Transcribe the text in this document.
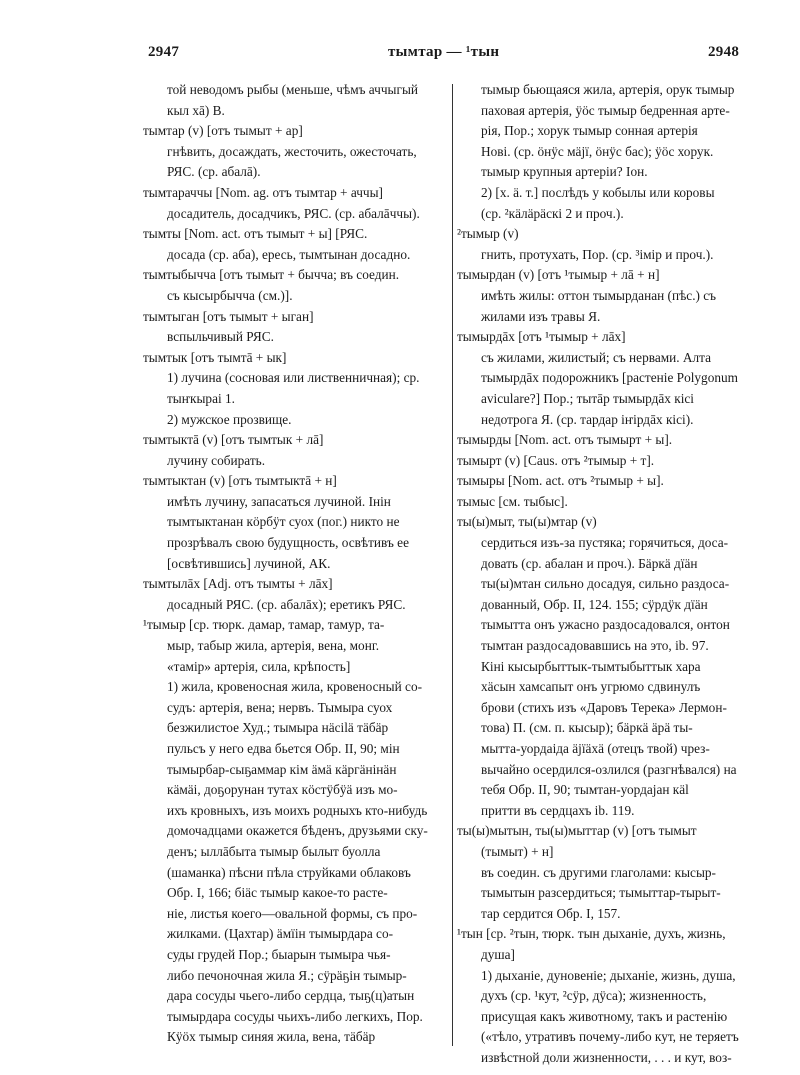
2947	тымтар — ¹тын	2948
той неводомъ рыбы (меньше, чѣмъ аччыгый
кыл хā) В.
тымтар (v) [отъ тымыт + ар]
гнѣвить, досаждать, жесточить, ожесточать,
РЯС. (ср. абалā).
тымтараччы [Nom. ag. отъ тымтар + аччы]
досадитель, досадчикъ, РЯС. (ср. абалāччы).
тымты [Nom. act. отъ тымыт + ы] [РЯС.
досада (ср. аба), ересь, тымтынан досадно.
тымтыбычча [отъ тымыт + бычча; въ соедин.
съ кысырбычча (см.)].
тымтыган [отъ тымыт + ыган]
вспыльчивый РЯС.
тымтык [отъ тымтā + ык]
1) лучина (сосновая или лиственничная); ср.
тыҥкыраі 1.
2) мужское прозвище.
тымтыктā (v) [отъ тымтык + лā]
лучину собирать.
тымтыктан (v) [отъ тымтыктā + н]
имѣть лучину, запасаться лучиной. Інін
тымтыктанан кöрбÿт суох (пог.) никто не
прозрѣвалъ свою будущность, освѣтивъ ее
[освѣтившись] лучиной, АК.
тымтылāх [Adj. отъ тымты + лāх]
досадный РЯС. (ср. абалāх); еретикъ РЯС.
¹тымыр [ср. тюрк. дамар, тамар, тамур, та-
мыр, табыр жила, артерія, вена, монг.
«тамір» артерія, сила, крѣпость]
1) жила, кровеносная жила, кровеносный со-
судъ: артерія, вена; нервъ. Тымыра суох
безжилистое Худ.; тымыра нäсіlä тäбäр
пульсъ у него едва бьется Обр. II, 90; мін
тымырбар-сыҕаммар кім äмä кäргäнінäн
кäмäі, доҕорунан тутах кöстÿбÿä изъ мо-
ихъ кровныхъ, изъ моихъ родныхъ кто-нибудь
домочадцами окажется бѣденъ, друзьями ску-
денъ; ыллāбыта тымыр былыт буолла
(шаманка) пѣсни пѣла струйками облаковъ
Обр. I, 166; біäс тымыр какое-то расте-
ніе, листья коего—овальной формы, съ про-
жилками. (Цахтар) äмїін тымырдара со-
суды грудей Пор.; быарын тымыра чья-
либо печоночная жила Я.; сÿрäҕін тымыр-
дара сосуды чьего-либо сердца, тыҕ(ц)атын
тымырдара сосуды чьихъ-либо легкихъ, Пор.
Кÿöх тымыр синяя жила, вена, тäбäр
тымыр бьющаяся жила, артерія, орук тымыр
паховая артерія, ÿöс тымыр бедренная арте-
рія, Пор.; хорук тымыр сонная артерія
Нові. (ср. öнÿс мäјї, öнÿс бас); ÿöс хорук.
тымыр крупныя артеріи? Іон.
2) [х. ä. т.] послѣдъ у кобылы или коровы
(ср. ²кäлäрäскі 2 и проч.).
²тымыр (v)
гнить, протухать, Пор. (ср. ³імір и проч.).
тымырдан (v) [отъ ¹тымыр + лā + н]
имѣть жилы: оттон тымырданан (пѣс.) съ
жилами изъ травы Я.
тымырдāх [отъ ¹тымыр + лāх]
съ жилами, жилистый; съ нервами. Алта
тымырдāх подорожникъ [растеніе Polygonum
aviculare?] Пор.; тытāр тымырдāх кісі
недотрога Я. (ср. тардар іҥірдāх кісі).
тымырды [Nom. act. отъ тымырт + ы].
тымырт (v) [Caus. отъ ²тымыр + т].
тымыры [Nom. act. отъ ²тымыр + ы].
тымыс [см. тыбыс].
ты(ы)мыт, ты(ы)мтар (v)
сердиться изъ-за пустяка; горячиться, доса-
довать (ср. абалан и проч.). Бäркä дїäн
ты(ы)мтан сильно досадуя, сильно раздоса-
дованный, Обр. II, 124. 155; сÿрдÿк дїäн
тымытта онъ ужасно раздосадовался, онтон
тымтан раздосадовавшись на это, ib. 97.
Кіні кысырбыттык-тымтыбыттык хара
хäсын хамсапыт онъ угрюмо сдвинулъ
брови (стихъ изъ «Даровъ Терека» Лермон-
това) П. (см. п. кысыр); бäркä äрä ты-
мытта-уордаіда äјїäхä (отецъ твой) чрез-
вычайно осердился-озлился (разгнѣвался) на
тебя Обр. II, 90; тымтан-уордаjан кäl
притти въ сердцахъ ib. 119.
ты(ы)мытын, ты(ы)мыттар (v) [отъ тымыт
(тымыт) + н]
въ соедин. съ другими глаголами: кысыр-
тымытын разсердиться; тымыттар-тырыт-
тар сердится Обр. I, 157.
¹тын [ср. ²тын, тюрк. тын дыханіе, духъ, жизнь,
душа]
1) дыханіе, дуновеніе; дыханіе, жизнь, душа,
духъ (ср. ¹кут, ²сÿр, дÿса); жизненность,
присущая какъ животному, такъ и растенію
(«тѣло, утративъ почему-либо кут, не теряетъ
извѣстной доли жизненности, . . . и кут, воз-
